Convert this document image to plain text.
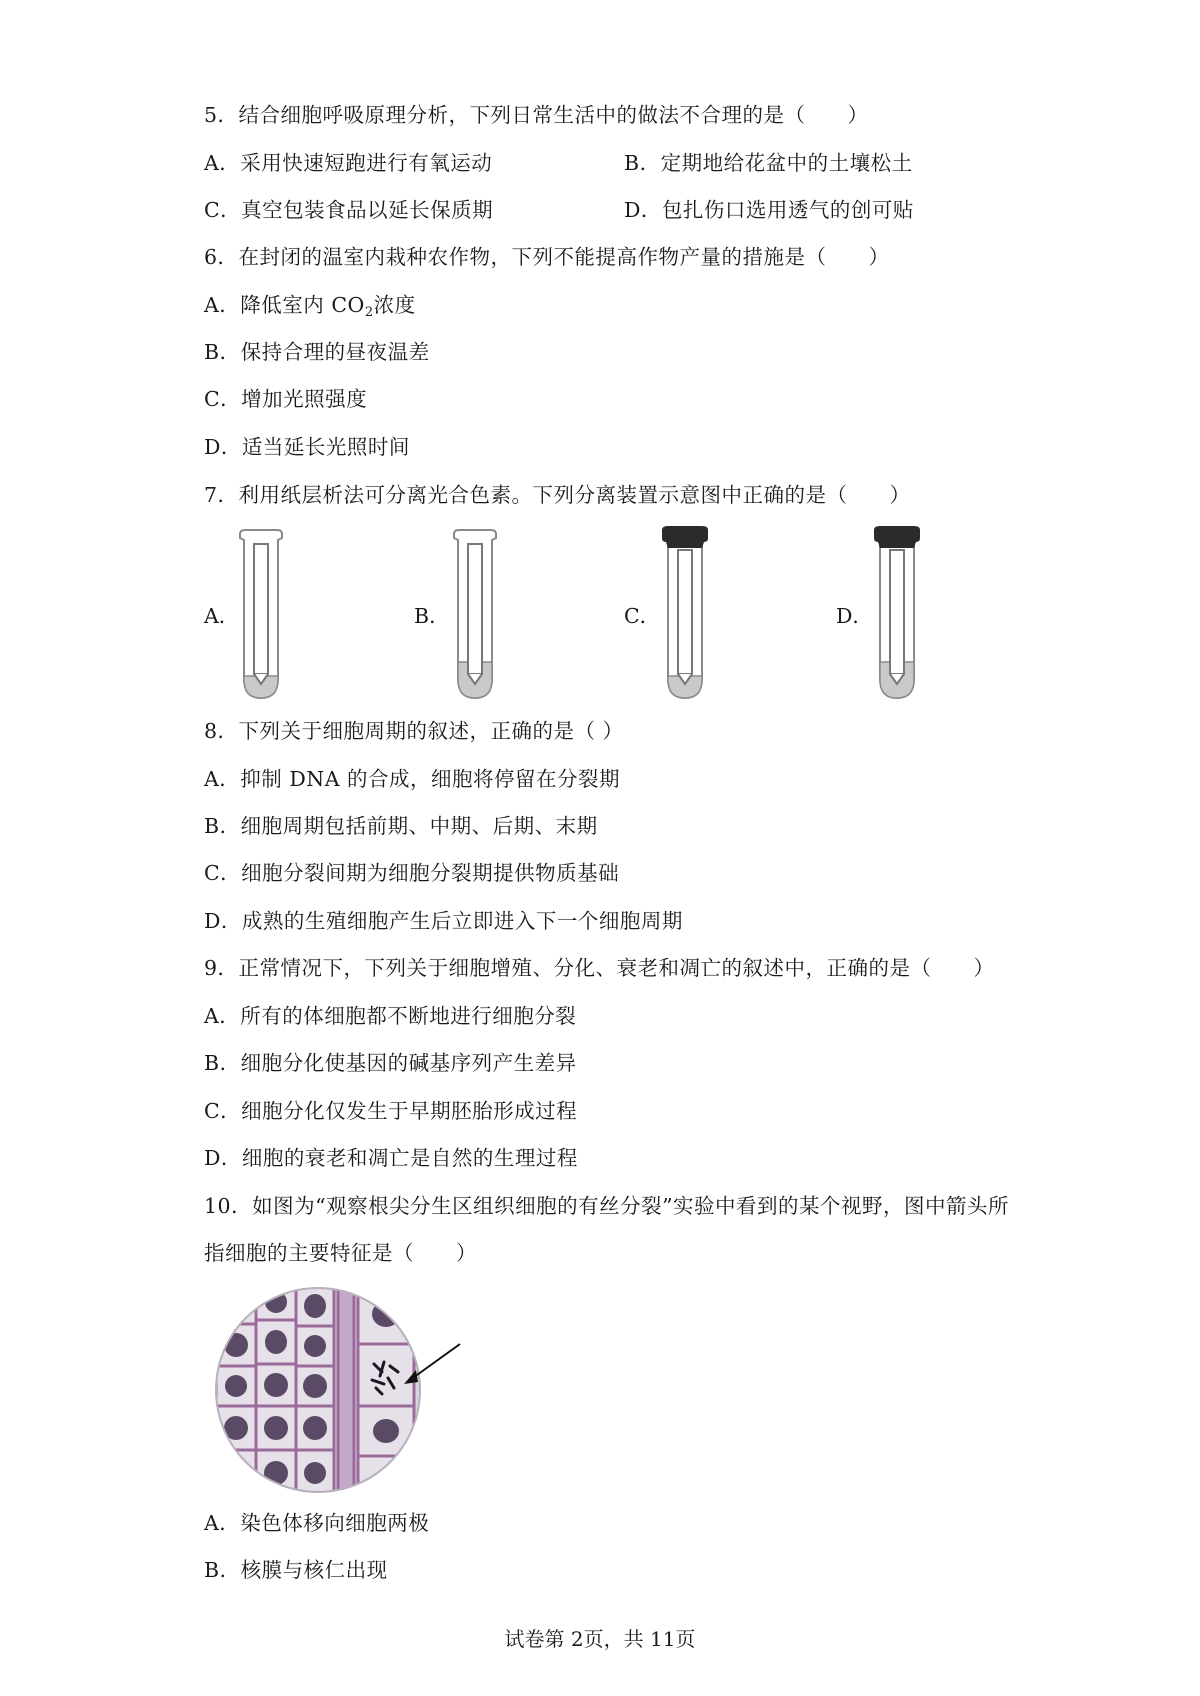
5．结合细胞呼吸原理分析，下列日常生活中的做法不合理的是（　　）
A．采用快速短跑进行有氧运动	B．定期地给花盆中的土壤松土
C．真空包装食品以延长保质期	D．包扎伤口选用透气的创可贴
6．在封闭的温室内栽种农作物，下列不能提高作物产量的措施是（　　）
A．降低室内 $CO_2$浓度
B．保持合理的昼夜温差
C．增加光照强度
D．适当延长光照时间
7．利用纸层析法可分离光合色素。下列分离装置示意图中正确的是（　　）
A．	B．	C．	D．
8．下列关于细胞周期的叙述，正确的是（ ）
A．抑制 DNA 的合成，细胞将停留在分裂期
B．细胞周期包括前期、中期、后期、末期
C．细胞分裂间期为细胞分裂期提供物质基础
D．成熟的生殖细胞产生后立即进入下一个细胞周期
9．正常情况下，下列关于细胞增殖、分化、衰老和凋亡的叙述中，正确的是（　　）
A．所有的体细胞都不断地进行细胞分裂
B．细胞分化使基因的碱基序列产生差异
C．细胞分化仅发生于早期胚胎形成过程
D．细胞的衰老和凋亡是自然的生理过程
10．如图为“观察根尖分生区组织细胞的有丝分裂”实验中看到的某个视野，图中箭头所
指细胞的主要特征是（　　）
A．染色体移向细胞两极
B．核膜与核仁出现
试卷第 2页，共 11页
